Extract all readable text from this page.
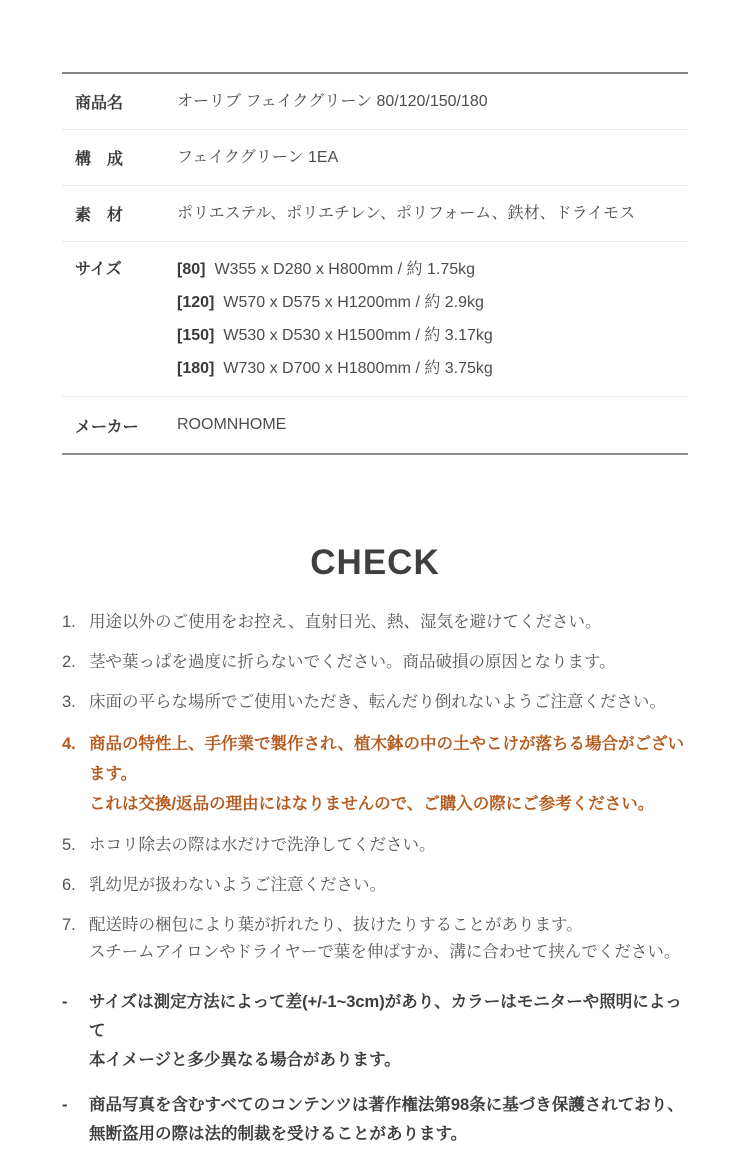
商品名	オーリブ フェイクグリーン 80/120/150/180
構　成	フェイクグリーン 1EA
素　材	ポリエステル、ポリエチレン、ポリフォーム、鉄材、ドライモス
サイズ	[80] W355 x D280 x H800mm / 約 1.75kg
[120] W570 x D575 x H1200mm / 約 2.9kg
[150] W530 x D530 x H1500mm / 約 3.17kg
[180] W730 x D700 x H1800mm / 約 3.75kg
メーカー	ROOMNHOME
CHECK
1. 用途以外のご使用をお控え、直射日光、熱、湿気を避けてください。
2. 茎や葉っぱを過度に折らないでください。商品破損の原因となります。
3. 床面の平らな場所でご使用いただき、転んだり倒れないようご注意ください。
4. 商品の特性上、手作業で製作され、植木鉢の中の土やこけが落ちる場合がございます。
これは交換/返品の理由にはなりませんので、ご購入の際にご参考ください。
5. ホコリ除去の際は水だけで洗浄してください。
6. 乳幼児が扱わないようご注意ください。
7. 配送時の梱包により葉が折れたり、抜けたりすることがあります。
スチームアイロンやドライヤーで葉を伸ばすか、溝に合わせて挟んでください。
-	サイズは測定方法によって差(+/-1~3cm)があり、カラーはモニターや照明によって
本イメージと多少異なる場合があります。
-	商品写真を含むすべてのコンテンツは著作権法第98条に基づき保護されており、
無断盗用の際は法的制裁を受けることがあります。
